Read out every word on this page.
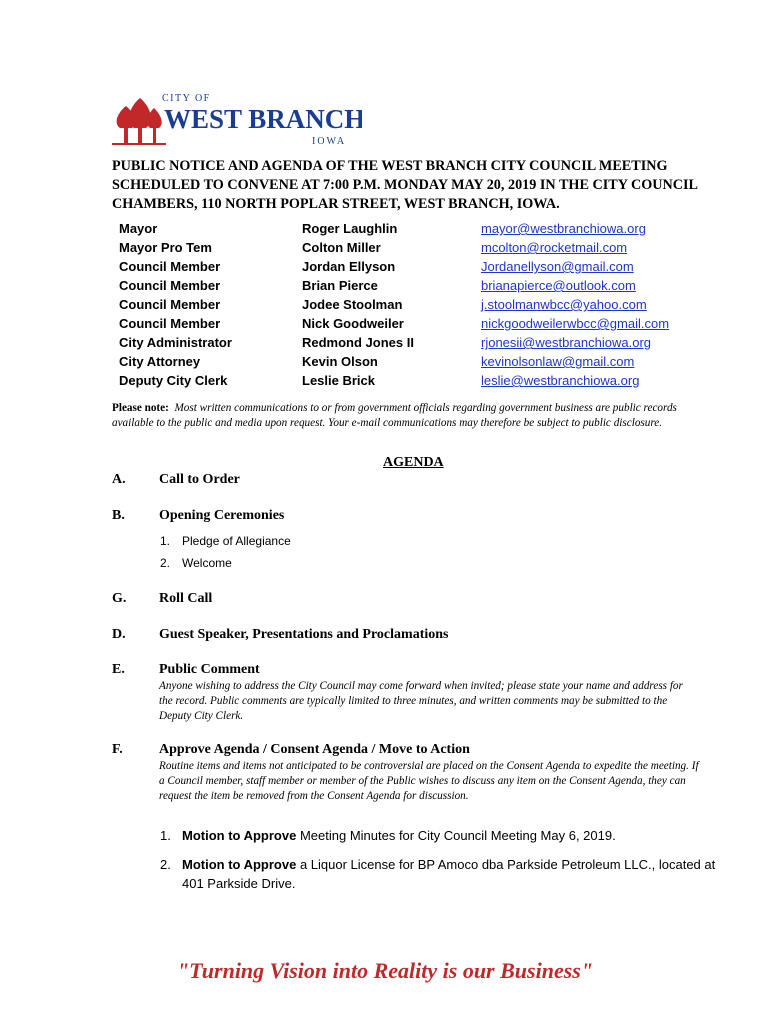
CITY OF
WEST BRANCH
IOWA
PUBLIC NOTICE AND AGENDA OF THE WEST BRANCH CITY COUNCIL MEETING SCHEDULED TO CONVENE AT 7:00 P.M. MONDAY MAY 20, 2019 IN THE CITY COUNCIL CHAMBERS, 110 NORTH POPLAR STREET, WEST BRANCH, IOWA.
Mayor	Roger Laughlin	mayor@westbranchiowa.org
Mayor Pro Tem	Colton Miller	mcolton@rocketmail.com
Council Member	Jordan Ellyson	Jordanellyson@gmail.com
Council Member	Brian Pierce	brianapierce@outlook.com
Council Member	Jodee Stoolman	j.stoolmanwbcc@yahoo.com
Council Member	Nick Goodweiler	nickgoodweilerwbcc@gmail.com
City Administrator	Redmond Jones II	rjonesii@westbranchiowa.org
City Attorney	Kevin Olson	kevinolsonlaw@gmail.com
Deputy City Clerk	Leslie Brick	leslie@westbranchiowa.org
Please note: Most written communications to or from government officials regarding government business are public records available to the public and media upon request. Your e-mail communications may therefore be subject to public disclosure.
AGENDA
A. Call to Order
B. Opening Ceremonies
1. Pledge of Allegiance
2. Welcome
G. Roll Call
D. Guest Speaker, Presentations and Proclamations
E. Public Comment
Anyone wishing to address the City Council may come forward when invited; please state your name and address for the record. Public comments are typically limited to three minutes, and written comments may be submitted to the Deputy City Clerk.
F.	Approve Agenda / Consent Agenda / Move to Action
Routine items and items not anticipated to be controversial are placed on the Consent Agenda to expedite the meeting. If a Council member, staff member or member of the Public wishes to discuss any item on the Consent Agenda, they can request the item be removed from the Consent Agenda for discussion.
1. Motion to Approve Meeting Minutes for City Council Meeting May 6, 2019.
2. Motion to Approve a Liquor License for BP Amoco dba Parkside Petroleum LLC., located at 401 Parkside Drive.
"Turning Vision into Reality is our Business"
